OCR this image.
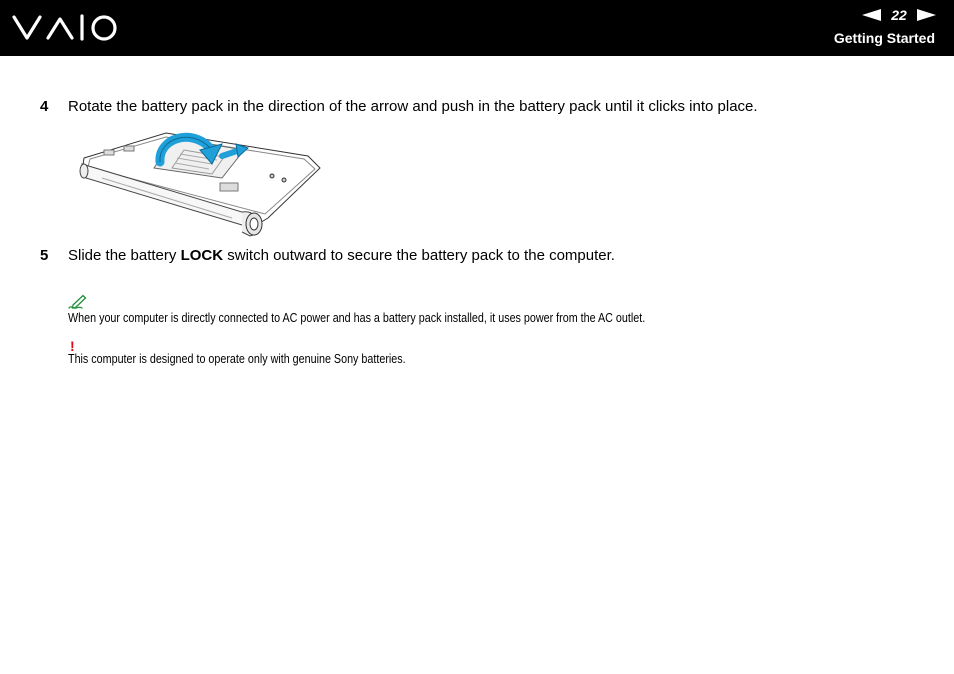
22
Getting Started
4 Rotate the battery pack in the direction of the arrow and push in the battery pack until it clicks into place.
5 Slide the battery LOCK switch outward to secure the battery pack to the computer.
When your computer is directly connected to AC power and has a battery pack installed, it uses power from the AC outlet.
!
This computer is designed to operate only with genuine Sony batteries.
